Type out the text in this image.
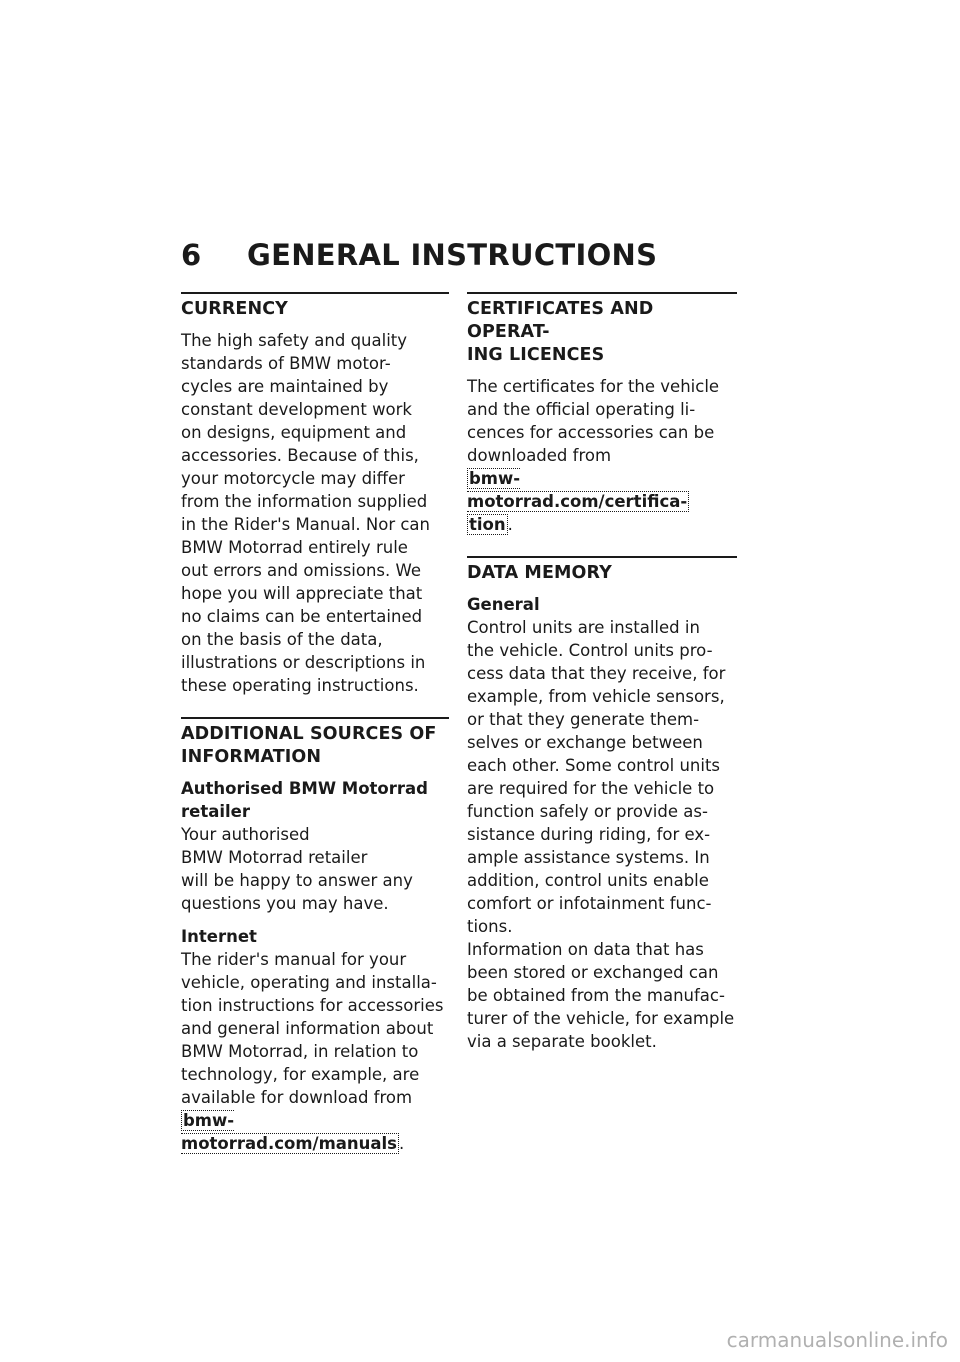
6 GENERAL INSTRUCTIONS
CURRENCY

The high safety and quality
standards of BMW motor-
cycles are maintained by
constant development work
on designs, equipment and
accessories. Because of this,
your motorcycle may differ
from the information supplied
in the Rider's Manual. Nor can
BMW Motorrad entirely rule
out errors and omissions. We
hope you will appreciate that
no claims can be entertained
on the basis of the data,
illustrations or descriptions in
these operating instructions.

ADDITIONAL SOURCES OF
INFORMATION
Authorised BMW Motorrad
retailer

Your authorised
BMW Motorrad retailer
will be happy to answer any
questions you may have.

Internet

The rider's manual for your
vehicle, operating and installa-
tion instructions for accessories
and general information about
BMW Motorrad, in relation to
technology, for example, are
available for download from
bmw-motorrad.com/manuals .

CERTIFICATES AND OPERAT-
ING LICENCES

The certificates for the vehicle
and the official operating li-
cences for accessories can be
downloaded from
bmw-motorrad.com/certifica-
tion .

DATA MEMORY
General

Control units are installed in
the vehicle. Control units pro-
cess data that they receive, for
example, from vehicle sensors,
or that they generate them-
selves or exchange between
each other. Some control units
are required for the vehicle to
function safely or provide as-
sistance during riding, for ex-
ample assistance systems. In
addition, control units enable
comfort or infotainment func-
tions.
Information on data that has
been stored or exchanged can
be obtained from the manufac-
turer of the vehicle, for example
via a separate booklet.

carmanualsonline.info
